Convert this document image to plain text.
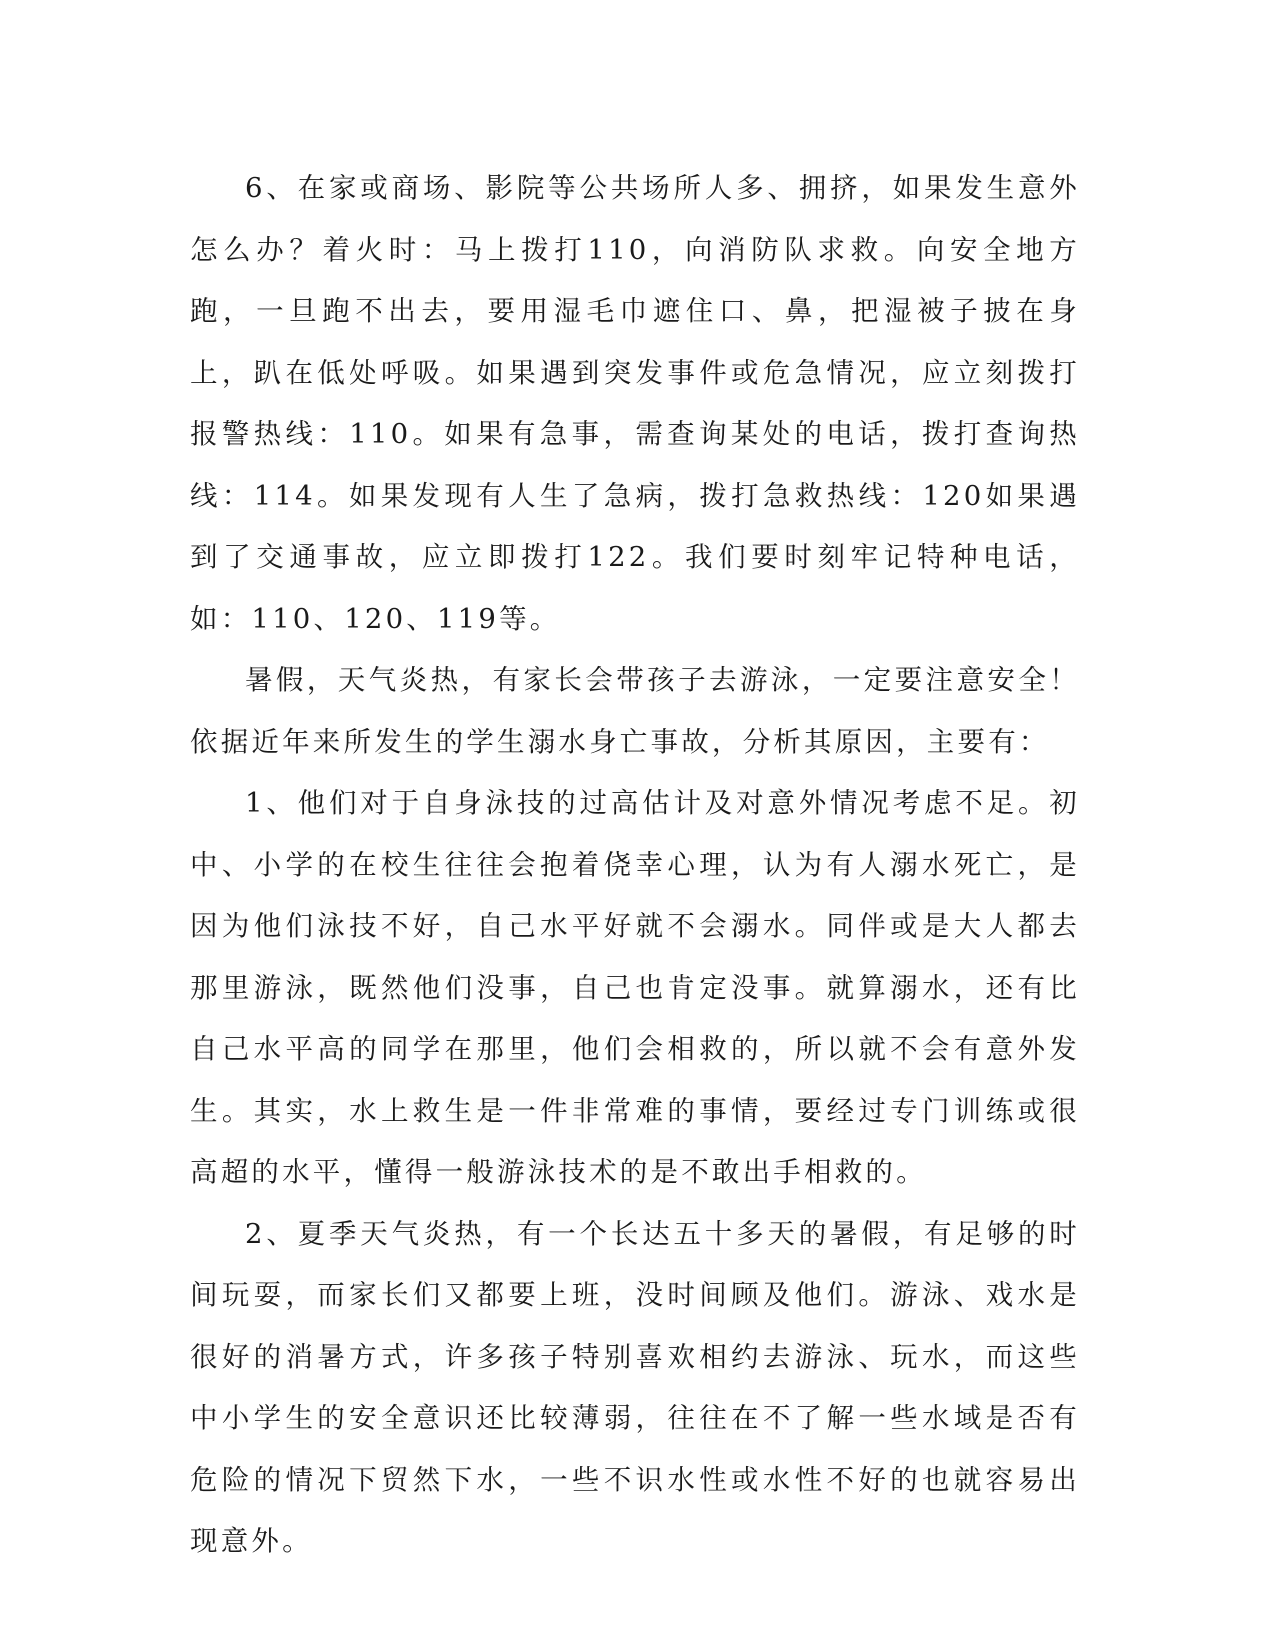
6、在家或商场、影院等公共场所人多、拥挤，如果发生意外怎么办？着火时：马上拨打110，向消防队求救。向安全地方跑，一旦跑不出去，要用湿毛巾遮住口、鼻，把湿被子披在身上，趴在低处呼吸。如果遇到突发事件或危急情况，应立刻拨打报警热线：110。如果有急事，需查询某处的电话，拨打查询热线：114。如果发现有人生了急病，拨打急救热线：120如果遇到了交通事故，应立即拨打122。我们要时刻牢记特种电话，如：110、120、119等。

暑假，天气炎热，有家长会带孩子去游泳，一定要注意安全！依据近年来所发生的学生溺水身亡事故，分析其原因，主要有：

1、他们对于自身泳技的过高估计及对意外情况考虑不足。初中、小学的在校生往往会抱着侥幸心理，认为有人溺水死亡，是因为他们泳技不好，自己水平好就不会溺水。同伴或是大人都去那里游泳，既然他们没事，自己也肯定没事。就算溺水，还有比自己水平高的同学在那里，他们会相救的，所以就不会有意外发生。其实，水上救生是一件非常难的事情，要经过专门训练或很高超的水平，懂得一般游泳技术的是不敢出手相救的。

2、夏季天气炎热，有一个长达五十多天的暑假，有足够的时间玩耍，而家长们又都要上班，没时间顾及他们。游泳、戏水是很好的消暑方式，许多孩子特别喜欢相约去游泳、玩水，而这些中小学生的安全意识还比较薄弱，往往在不了解一些水域是否有危险的情况下贸然下水，一些不识水性或水性不好的也就容易出现意外。
